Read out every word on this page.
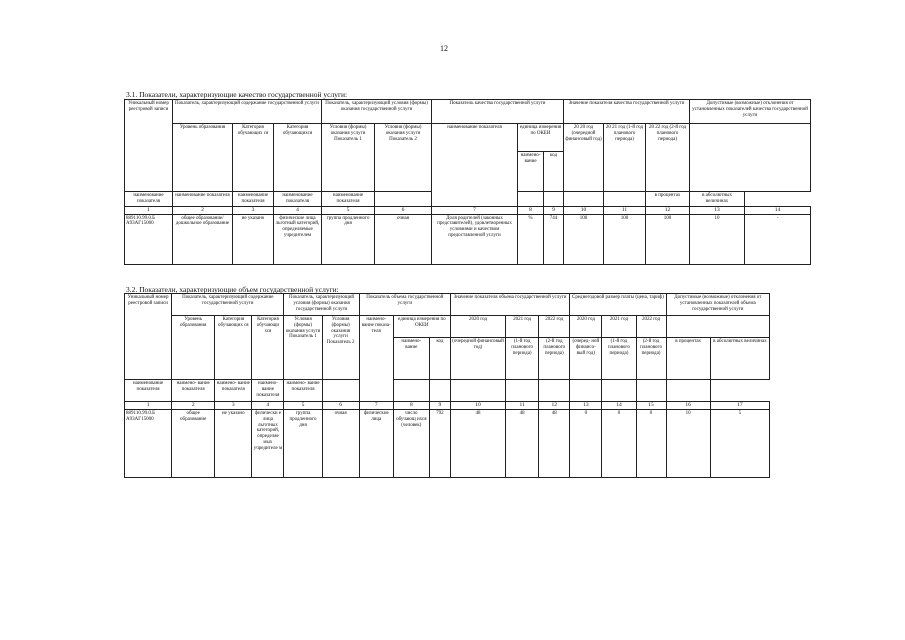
12
3.1. Показатели, характеризующие качество государственной услуги:
Уникальный номер реестровой записи	Показатель, характеризующий содержание государственной услуги			Показатель, характеризующий условия (формы) оказания государственной услуги		Показатель качества государственной услуги			Значение показателя качества государственной услуги			Допустимые (возможные) отклонения от установленных показателей качества государственной услуги	
	Уровень образования	Категория обучающих ся	Категория обучающихся	Условия (формы) оказания услуги Показатель 1	Условия (формы) оказания услуги Показатель 2	наименование показателя	единица измерения по ОКЕИ		20 20 год (очередной финансовый год)	20 21 год (1-й год планового периода)	20 22 год (2-й год планового периода)		
							наимено- вание	код					
наименование показателя	наименование показателя	наименование показателя	наименование показателя	наименование показателя							в процентах	в абсолютных величинах	
1	2	3	4	5	6	7	8	9	10	11	12	13	14
889110.99.0.Б А93АГ15000	общее образование/ дошкольное образование	не указано	физические лица льготный категорий, определяемые учредителем	группа продленного дня	очная	Доля родителей (законных представителей), удовлетворенных условиями и качеством предоставленной услуги	%	744	100	100	100	10	-
3.2. Показатели, характеризующие объем государственной услуги:
Уникальный номер реестровой записи	Показатель, характеризующий содержание государственной услуги			Показатель, характеризующий условия (формы) оказания государственной услуги		Показатель объема государственной услуги			Значение показателя объема государственной услуги			Среднегодовой размер платы (цена, тариф)			Допустимые (возможные) отклонения от установленных показателей объема государственной услуги	
	Уровень образования	Категория обучающих ся	Категория обучающи хся	Условия (формы) оказания услуги Показатель 1	Условия (формы) оказания услуги Показатель 2	наимено- вание показа- теля	единица измерения по ОКЕИ		2020 год	2021 год	2022 год	2020 год	2021 год	2022 год		
							наимено- вание	код	(очередной финансовый год)	(1-й год планового периода)	(2-й год планового периода)	(очеред- ной финансо- вый год)	(1-й год планового периода)	(2-й год планового периода)	в процентах	в абсолютных величинах
наименование показателя	наимено- вание показателя	наимено- вание показателя	наимено- вание показателя	наимено- вание показателя												
1	2	3	4	5	6	7	8	9	10	11	12	13	14	15	16	17
889110.99.0.Б А93АГ15000	общее образование	не указано	физически е лица льготных категорий, определяе мых учредителе м	группа продленного дня	очная	физические лица	число обучающ ихся (человек)	792	48	48	48	0	0	0	10	5
